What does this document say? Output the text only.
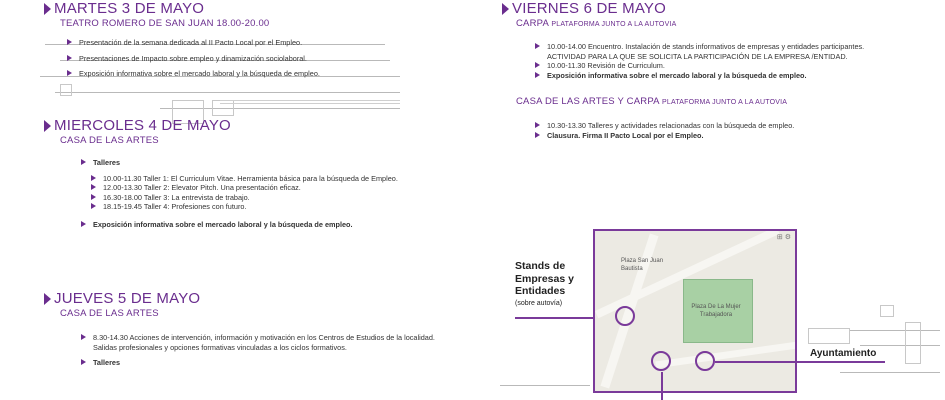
MARTES 3 DE MAYO
TEATRO ROMERO DE SAN JUAN 18.00-20.00
Presentación de la semana dedicada al II Pacto Local por el Empleo.
Presentaciones de Impacto sobre empleo y dinamización sociolaboral.
Exposición informativa sobre el mercado laboral y la búsqueda de empleo.
MIERCOLES 4 DE MAYO
CASA DE LAS ARTES
Talleres
10.00-11.30 Taller 1: El Curriculum Vitae. Herramienta básica para la búsqueda de Empleo.
12.00-13.30 Taller 2: Elevator Pitch. Una presentación eficaz.
16.30-18.00 Taller 3: La entrevista de trabajo.
18.15-19.45 Taller 4: Profesiones con futuro.
Exposición informativa sobre el mercado laboral y la búsqueda de empleo.
JUEVES 5 DE MAYO
CASA DE LAS ARTES
8.30-14.30 Acciones de intervención, información y motivación en los Centros de Estudios de la localidad. Salidas profesionales y opciones formativas vinculadas a los ciclos formativos.
Talleres
VIERNES 6 DE MAYO
CARPA PLATAFORMA JUNTO A LA AUTOVIA
10.00-14.00 Encuentro. Instalación de stands informativos de empresas y entidades participantes. ACTIVIDAD PARA LA QUE SE SOLICITA LA PARTICIPACIÓN DE LA EMPRESA /ENTIDAD.
10.00-11.30 Revisión de Curriculum.
Exposición informativa sobre el mercado laboral y la búsqueda de empleo.
CASA DE LAS ARTES Y CARPA PLATAFORMA JUNTO A LA AUTOVIA
10.30-13.30 Talleres y actividades relacionadas con la búsqueda de empleo.
Clausura. Firma II Pacto Local por el Empleo.
Stands de Empresas y Entidades
(sobre autovía)
Plaza San Juan Bautista
Plaza De La Mujer Trabajadora
⊞ ⚙
Ayuntamiento
